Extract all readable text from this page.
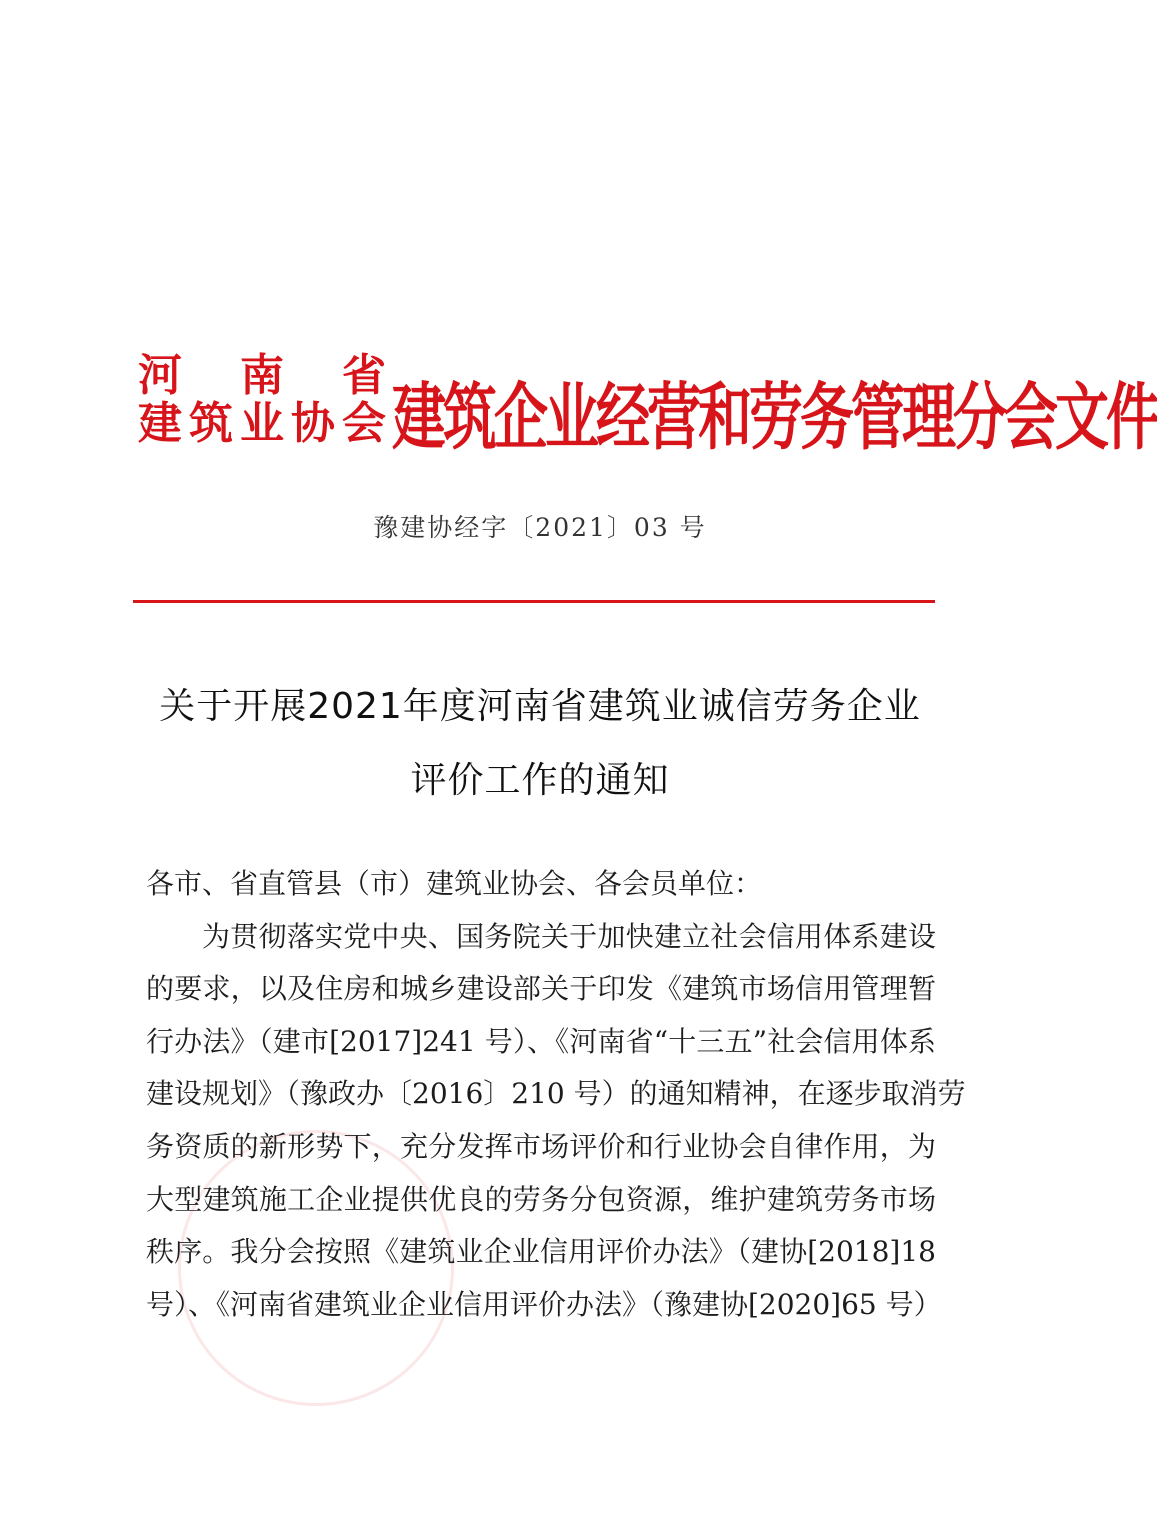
河 南 省
建 筑 业 协 会 建筑企业经营和劳务管理分会文件
豫建协经字〔2021〕03 号
关于开展2021年度河南省建筑业诚信劳务企业
评价工作的通知
各市、省直管县（市）建筑业协会、各会员单位：
为贯彻落实党中央、国务院关于加快建立社会信用体系建设
的要求，以及住房和城乡建设部关于印发《建筑市场信用管理暂
行办法》（建市[2017]241 号）、《河南省“十三五”社会信用体系
建设规划》（豫政办〔2016〕210 号）的通知精神，在逐步取消劳
务资质的新形势下，充分发挥市场评价和行业协会自律作用，为
大型建筑施工企业提供优良的劳务分包资源，维护建筑劳务市场
秩序。我分会按照《建筑业企业信用评价办法》（建协[2018]18
号）、《河南省建筑业企业信用评价办法》（豫建协[2020]65 号）
